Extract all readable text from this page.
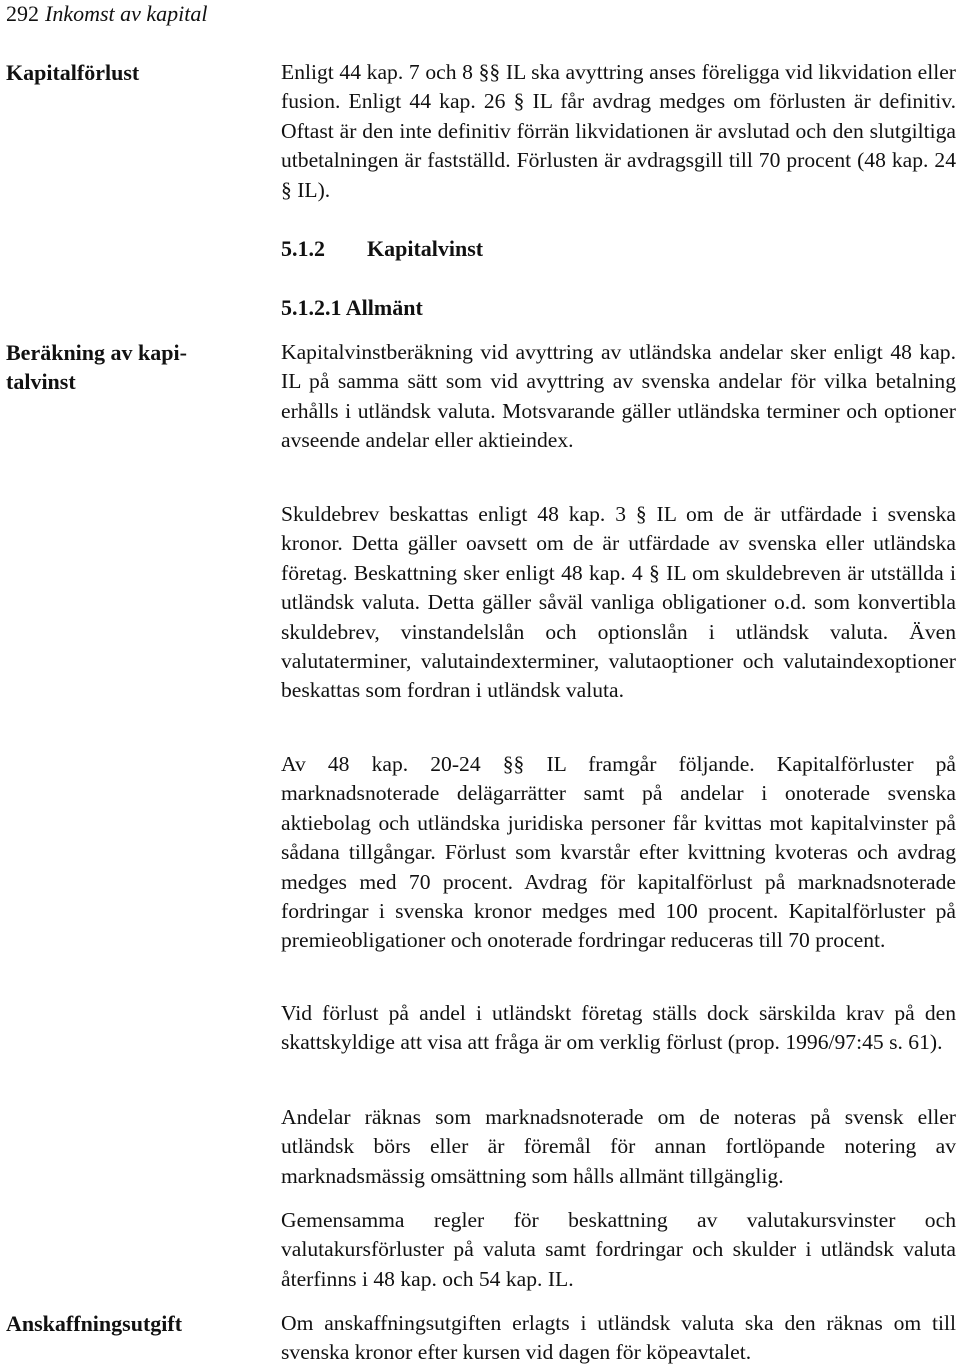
292 Inkomst av kapital
Kapitalförlust	Enligt 44 kap. 7 och 8 §§ IL ska avyttring anses föreligga vid likvidation eller fusion. Enligt 44 kap. 26 § IL får avdrag medges om förlusten är definitiv. Oftast är den inte definitiv förrän likvidationen är avslutad och den slutgiltiga utbetalningen är fastställd. Förlusten är avdragsgill till 70 procent (48 kap. 24 § IL).

5.1.2 Kapitalvinst
5.1.2.1 Allmänt
Beräkning av kapi-
talvinst
Kapitalvinstberäkning vid avyttring av utländska andelar sker enligt 48 kap. IL på samma sätt som vid avyttring av svenska andelar för vilka betalning erhålls i utländsk valuta. Motsvarande gäller utländska terminer och optioner avseende andelar eller aktieindex.
Skuldebrev beskattas enligt 48 kap. 3 § IL om de är utfärdade i svenska kronor. Detta gäller oavsett om de är utfärdade av svenska eller utländska företag. Beskattning sker enligt 48 kap. 4 § IL om skuldebreven är utställda i utländsk valuta. Detta gäller såväl vanliga obligationer o.d. som konvertibla skuldebrev, vinstandelslån och optionslån i utländsk valuta. Även valutaterminer, valutaindexterminer, valutaoptioner och valutaindexoptioner beskattas som fordran i utländsk valuta.
Av 48 kap. 20-24 §§ IL framgår följande. Kapitalförluster på marknadsnoterade delägarrätter samt på andelar i onoterade svenska aktiebolag och utländska juridiska personer får kvittas mot kapitalvinster på sådana tillgångar. Förlust som kvarstår efter kvittning kvoteras och avdrag medges med 70 procent. Avdrag för kapitalförlust på marknadsnoterade fordringar i svenska kronor medges med 100 procent. Kapitalförluster på premieobligationer och onoterade fordringar reduceras till 70 procent.
Vid förlust på andel i utländskt företag ställs dock särskilda krav på den skattskyldige att visa att fråga är om verklig förlust (prop. 1996/97:45 s. 61).
Andelar räknas som marknadsnoterade om de noteras på svensk eller utländsk börs eller är föremål för annan fortlöpande notering av marknadsmässig omsättning som hålls allmänt tillgänglig.
Gemensamma regler för beskattning av valutakursvinster och valutakursförluster på valuta samt fordringar och skulder i utländsk valuta återfinns i 48 kap. och 54 kap. IL.
Anskaffningsutgift	Om anskaffningsutgiften erlagts i utländsk valuta ska den räknas om till svenska kronor efter kursen vid dagen för köpeavtalet.
